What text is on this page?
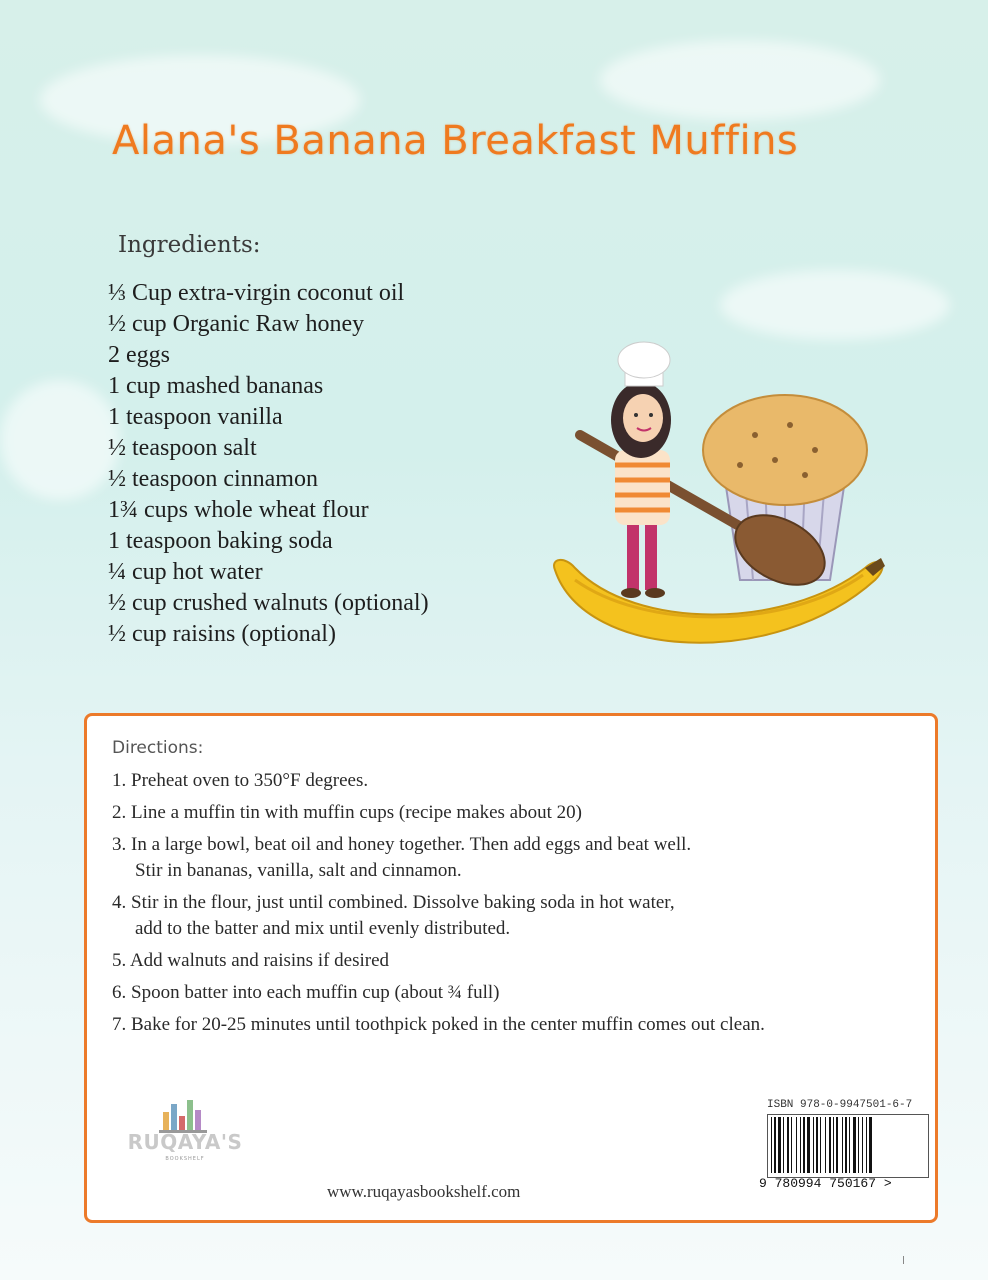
Alana's Banana Breakfast Muffins
Ingredients:
⅓ Cup extra-virgin coconut oil
½ cup Organic Raw honey
2 eggs
1 cup mashed bananas
1 teaspoon vanilla
½ teaspoon salt
½ teaspoon cinnamon
1¾ cups whole wheat flour
1 teaspoon baking soda
¼ cup hot water
½ cup crushed walnuts (optional)
½ cup raisins (optional)
Directions:
1. Preheat oven to 350°F degrees.
2. Line a muffin tin with muffin cups (recipe makes about 20)
3. In a large bowl, beat oil and honey together. Then add eggs and beat well.
Stir in bananas, vanilla, salt and cinnamon.
4. Stir in the flour, just until combined. Dissolve baking soda in hot water,
add to the batter and mix until evenly distributed.
5. Add walnuts and raisins if desired
6. Spoon batter into each muffin cup (about ¾ full)
7. Bake for 20-25 minutes until toothpick poked in the center muffin comes out clean.
RUQAYA'S
BOOKSHELF
www.ruqayasbookshelf.com
ISBN 978-0-9947501-6-7
9 780994 750167 >
